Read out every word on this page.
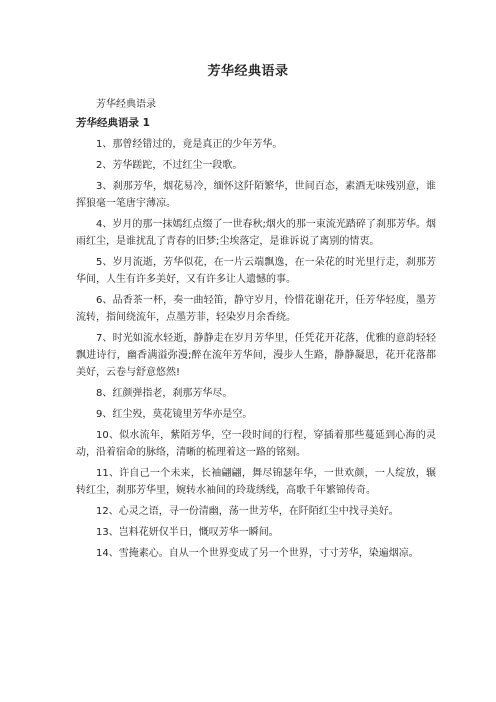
芳华经典语录
芳华经典语录
芳华经典语录 1

1、那曾经错过的，竟是真正的少年芳华。

2、芳华蹉跎，不过红尘一段歌。

3、刹那芳华，烟花易冷，缅怀这阡陌繁华，世间百态，素酒无味残别意，谁挥狼毫一笔唐宇薄凉。

4、岁月的那一抹嫣红点缀了一世春秋;烟火的那一束流光踏碎了刹那芳华。烟雨红尘，是谁扰乱了青春的旧梦;尘埃落定，是谁诉说了离别的情衷。

5、岁月流逝，芳华似花，在一片云端飘逸，在一朵花的时光里行走，刹那芳华间，人生有许多美好，又有许多让人遗憾的事。

6、品香茶一杯，奏一曲轻笛，静守岁月，怜惜花谢花开，任芳华轻度，墨芳流转，指间绕流年，点墨芳菲，轻染岁月余香绕。

7、时光如流水轻逝，静静走在岁月芳华里，任凭花开花落，优雅的意韵轻轻飘进诗行，幽香满溢弥漫;醉在流年芳华间，漫步人生路，静静凝思，花开花落都美好，云卷与舒意悠然!

8、红颜弹指老，刹那芳华尽。

9、红尘殁，莫花镜里芳华亦是空。

10、似水流年，紫陌芳华，空一段时间的行程，穿插着那些蔓延到心海的灵动，沿着宿命的脉络，清晰的梳理着这一路的铭刻。

11、许自己一个未来，长袖翩翩，舞尽锦瑟年华，一世欢颜，一人绽放，辗转红尘，刹那芳华里，婉转水袖间的玲珑绣线，高歌千年繁锦传奇。

12、心灵之语，寻一份清幽，荡一世芳华，在阡陌红尘中找寻美好。

13、岂料花妍仅半日，慨叹芳华一瞬间。

14、雪掩素心。自从一个世界变成了另一个世界，寸寸芳华，染遍烟凉。
